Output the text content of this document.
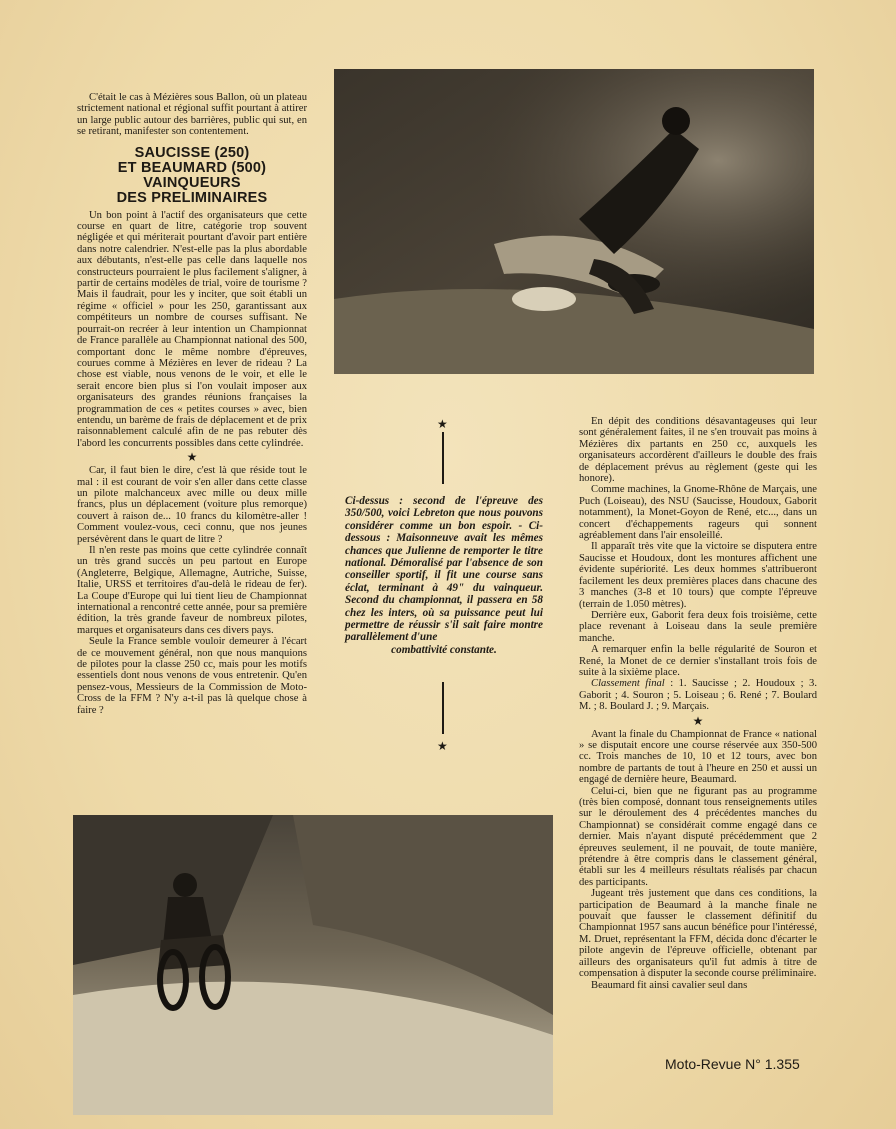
C'était le cas à Mézières sous Ballon, où un plateau strictement national et régional suffit pourtant à attirer un large public autour des barrières, public qui sut, en se retirant, manifester son contentement.

SAUCISSE (250)
ET BEAUMARD (500)
VAINQUEURS
DES PRELIMINAIRES

Un bon point à l'actif des organisateurs que cette course en quart de litre, catégorie trop souvent négligée et qui mériterait pourtant d'avoir part entière dans notre calendrier. N'est-elle pas la plus abordable aux débutants, n'est-elle pas celle dans laquelle nos constructeurs pourraient le plus facilement s'aligner, à partir de certains modèles de trial, voire de tourisme ? Mais il faudrait, pour les y inciter, que soit établi un régime « officiel » pour les 250, garantissant aux compétiteurs un nombre de courses suffisant. Ne pourrait-on recréer à leur intention un Championnat de France parallèle au Championnat national des 500, comportant donc le même nombre d'épreuves, courues comme à Mézières en lever de rideau ? La chose est viable, nous venons de le voir, et elle le serait encore bien plus si l'on voulait imposer aux organisateurs des grandes réunions françaises la programmation de ces « petites courses » avec, bien entendu, un barème de frais de déplacement et de prix raisonnablement calculé afin de ne pas rebuter dès l'abord les concurrents possibles dans cette cylindrée.

★

Car, il faut bien le dire, c'est là que réside tout le mal : il est courant de voir s'en aller dans cette classe un pilote malchanceux avec mille ou deux mille francs, plus un déplacement (voiture plus remorque) couvert à raison de... 10 francs du kilomètre-aller ! Comment voulez-vous, ceci connu, que nos jeunes persévèrent dans le quart de litre ?

Il n'en reste pas moins que cette cylindrée connaît un très grand succès un peu partout en Europe (Angleterre, Belgique, Allemagne, Autriche, Suisse, Italie, URSS et territoires d'au-delà le rideau de fer). La Coupe d'Europe qui lui tient lieu de Championnat international a rencontré cette année, pour sa première édition, la très grande faveur de nombreux pilotes, marques et organisateurs dans ces divers pays.

Seule la France semble vouloir demeurer à l'écart de ce mouvement général, non que nous manquions de pilotes pour la classe 250 cc, mais pour les motifs essentiels dont nous venons de vous entretenir. Qu'en pensez-vous, Messieurs de la Commission de Moto-Cross de la FFM ? N'y a-t-il pas là quelque chose à faire ?

★

Ci-dessus : second de l'épreuve des 350/500, voici Lebreton que nous pouvons considérer comme un bon espoir. - Ci-dessous : Maisonneuve avait les mêmes chances que Julienne de remporter le titre national. Démoralisé par l'absence de son conseiller sportif, il fit une course sans éclat, terminant à 49" du vainqueur. Second du championnat, il passera en 58 chez les inters, où sa puissance peut lui permettre de réussir s'il sait faire montre parallèlement d'une

combattivité constante.

★

En dépit des conditions désavantageuses qui leur sont généralement faites, il ne s'en trouvait pas moins à Mézières dix partants en 250 cc, auxquels les organisateurs accordèrent d'ailleurs le double des frais de déplacement prévus au règlement (geste qui les honore).

Comme machines, la Gnome-Rhône de Marçais, une Puch (Loiseau), des NSU (Saucisse, Houdoux, Gaborit notamment), la Monet-Goyon de René, etc..., dans un concert d'échappements rageurs qui sonnent agréablement dans l'air ensoleillé.

Il apparaît très vite que la victoire se disputera entre Saucisse et Houdoux, dont les montures affichent une évidente supériorité. Les deux hommes s'attribueront facilement les deux premières places dans chacune des 3 manches (3-8 et 10 tours) que compte l'épreuve (terrain de 1.050 mètres).

Derrière eux, Gaborit fera deux fois troisième, cette place revenant à Loiseau dans la seule première manche.

A remarquer enfin la belle régularité de Souron et René, la Monet de ce dernier s'installant trois fois de suite à la sixième place.

Classement final : 1. Saucisse ; 2. Houdoux ; 3. Gaborit ; 4. Souron ; 5. Loiseau ; 6. René ; 7. Boulard M. ; 8. Boulard J. ; 9. Marçais.

★

Avant la finale du Championnat de France « national » se disputait encore une course réservée aux 350-500 cc. Trois manches de 10, 10 et 12 tours, avec bon nombre de partants de tout à l'heure en 250 et aussi un engagé de dernière heure, Beaumard.

Celui-ci, bien que ne figurant pas au programme (très bien composé, donnant tous renseignements utiles sur le déroulement des 4 précédentes manches du Championnat) se considérait comme engagé dans ce dernier. Mais n'ayant disputé précédemment que 2 épreuves seulement, il ne pouvait, de toute manière, prétendre à être compris dans le classement général, établi sur les 4 meilleurs résultats réalisés par chacun des participants.

Jugeant très justement que dans ces conditions, la participation de Beaumard à la manche finale ne pouvait que fausser le classement définitif du Championnat 1957 sans aucun bénéfice pour l'intéressé, M. Druet, représentant la FFM, décida donc d'écarter le pilote angevin de l'épreuve officielle, obtenant par ailleurs des organisateurs qu'il fut admis à titre de compensation à disputer la seconde course préliminaire.

Beaumard fit ainsi cavalier seul dans

Moto-Revue N° 1.355
